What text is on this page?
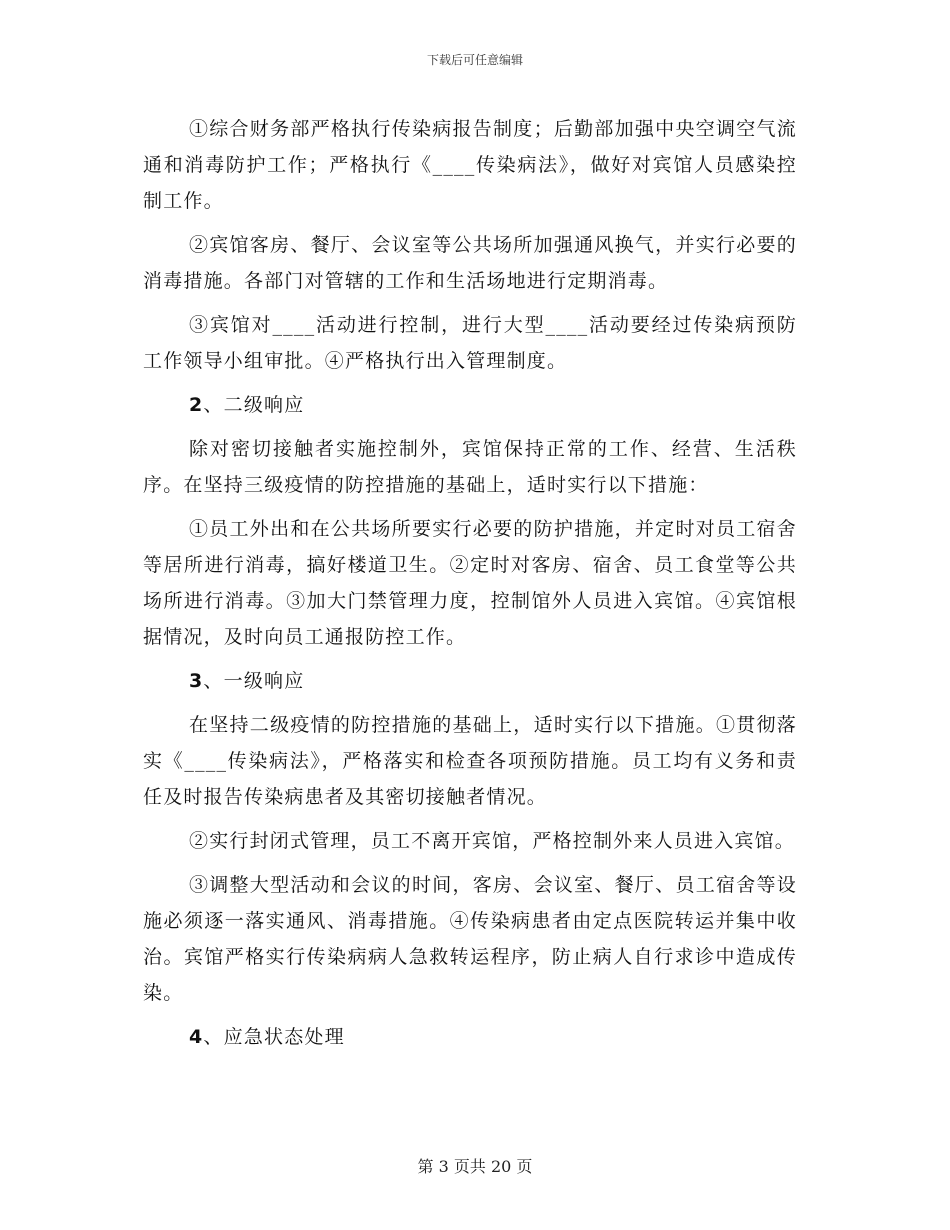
下载后可任意编辑

①综合财务部严格执行传染病报告制度；后勤部加强中央空调空气流通和消毒防护工作；严格执行《____传染病法》，做好对宾馆人员感染控制工作。

②宾馆客房、餐厅、会议室等公共场所加强通风换气，并实行必要的消毒措施。各部门对管辖的工作和生活场地进行定期消毒。

③宾馆对____活动进行控制，进行大型____活动要经过传染病预防工作领导小组审批。④严格执行出入管理制度。

2、二级响应

除对密切接触者实施控制外，宾馆保持正常的工作、经营、生活秩序。在坚持三级疫情的防控措施的基础上，适时实行以下措施：

①员工外出和在公共场所要实行必要的防护措施，并定时对员工宿舍等居所进行消毒，搞好楼道卫生。②定时对客房、宿舍、员工食堂等公共场所进行消毒。③加大门禁管理力度，控制馆外人员进入宾馆。④宾馆根据情况，及时向员工通报防控工作。

3、一级响应

在坚持二级疫情的防控措施的基础上，适时实行以下措施。①贯彻落实《____传染病法》，严格落实和检查各项预防措施。员工均有义务和责任及时报告传染病患者及其密切接触者情况。

②实行封闭式管理，员工不离开宾馆，严格控制外来人员进入宾馆。

③调整大型活动和会议的时间，客房、会议室、餐厅、员工宿舍等设施必须逐一落实通风、消毒措施。④传染病患者由定点医院转运并集中收治。宾馆严格实行传染病病人急救转运程序，防止病人自行求诊中造成传染。

4、应急状态处理

第 3 页共 20 页
